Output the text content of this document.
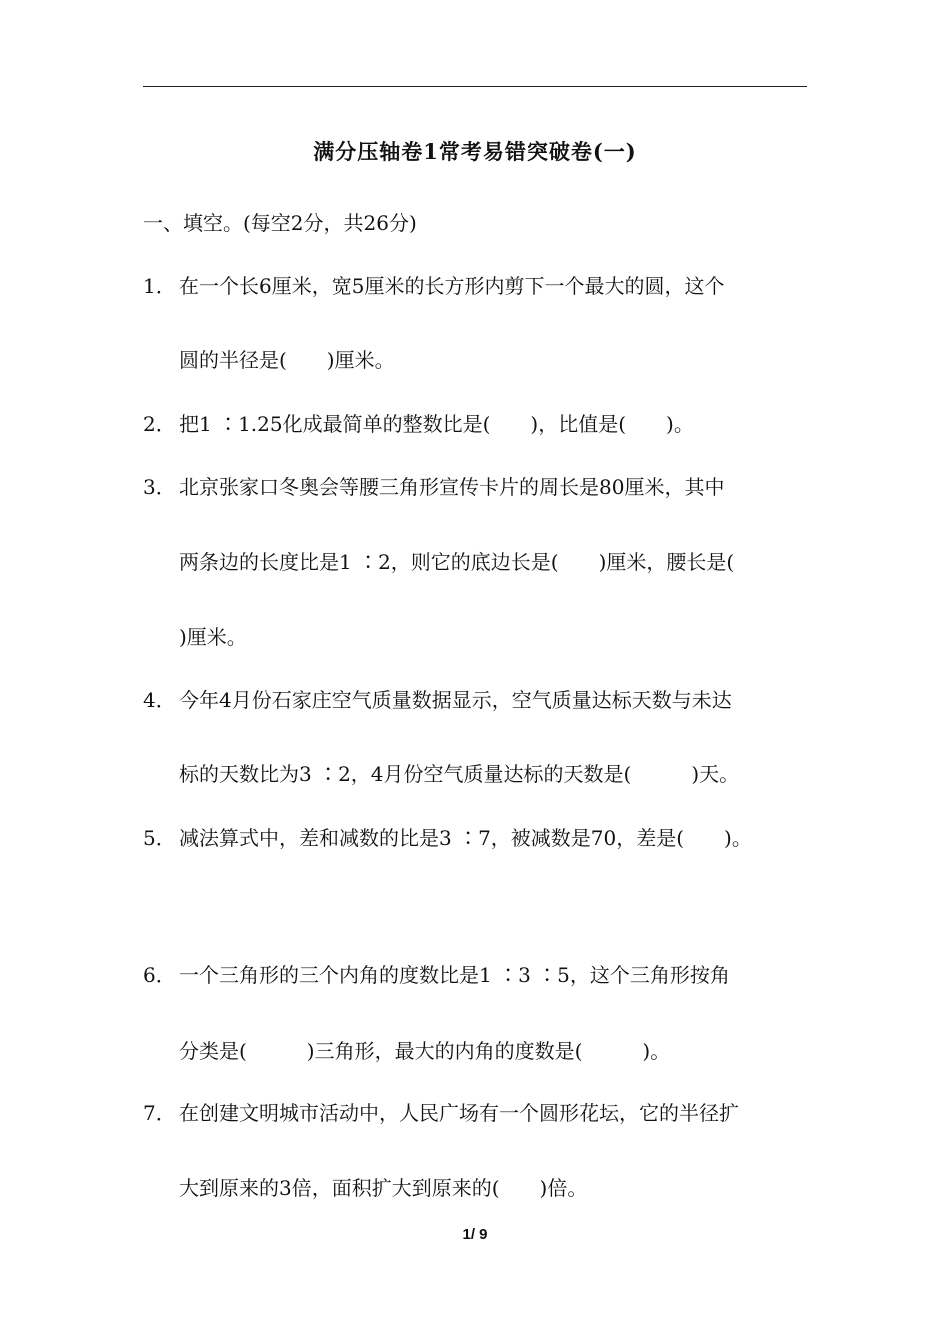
满分压轴卷1常考易错突破卷(一)
一、填空。(每空2分，共26分)
1． 在一个长6厘米，宽5厘米的长方形内剪下一个最大的圆，这个
圆的半径是(　　)厘米。
2． 把1 ∶1.25化成最简单的整数比是(　　)，比值是(　　)。
3． 北京张家口冬奥会等腰三角形宣传卡片的周长是80厘米，其中
两条边的长度比是1 ∶2，则它的底边长是(　　)厘米，腰长是(
)厘米。
4． 今年4月份石家庄空气质量数据显示，空气质量达标天数与未达
标的天数比为3 ∶2，4月份空气质量达标的天数是(　　　)天。
5． 减法算式中，差和减数的比是3 ∶7，被减数是70，差是(　　)。
6． 一个三角形的三个内角的度数比是1 ∶3 ∶5，这个三角形按角
分类是(　　　)三角形，最大的内角的度数是(　　　)。
7． 在创建文明城市活动中，人民广场有一个圆形花坛，它的半径扩
大到原来的3倍，面积扩大到原来的(　　)倍。
1/ 9
